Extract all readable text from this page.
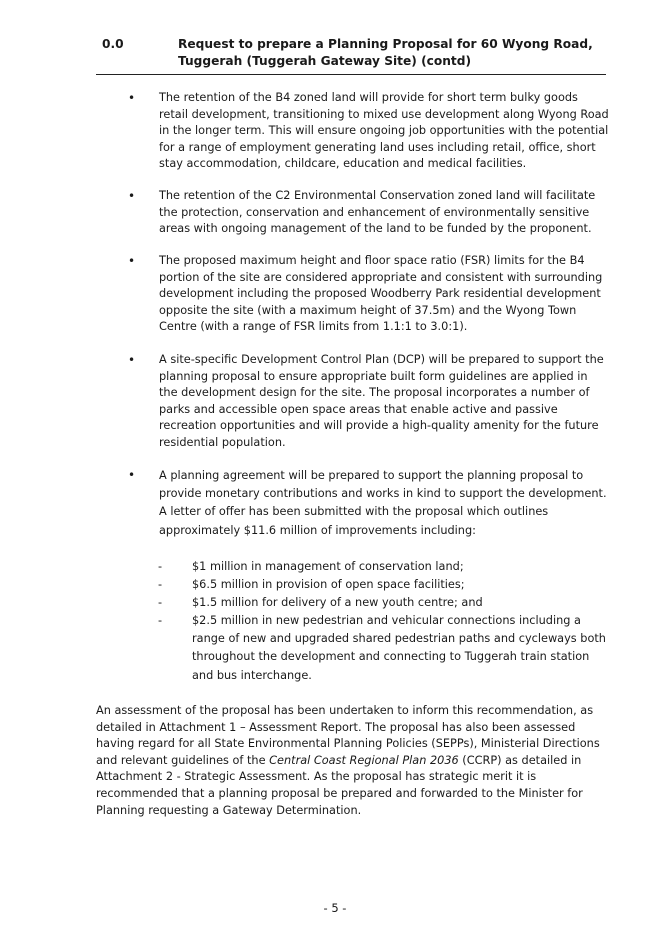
0.0	Request to prepare a Planning Proposal for 60 Wyong Road, Tuggerah (Tuggerah Gateway Site) (contd)
• The retention of the B4 zoned land will provide for short term bulky goods retail development, transitioning to mixed use development along Wyong Road in the longer term. This will ensure ongoing job opportunities with the potential for a range of employment generating land uses including retail, office, short stay accommodation, childcare, education and medical facilities.
• The retention of the C2 Environmental Conservation zoned land will facilitate the protection, conservation and enhancement of environmentally sensitive areas with ongoing management of the land to be funded by the proponent.
• The proposed maximum height and floor space ratio (FSR) limits for the B4 portion of the site are considered appropriate and consistent with surrounding development including the proposed Woodberry Park residential development opposite the site (with a maximum height of 37.5m) and the Wyong Town Centre (with a range of FSR limits from 1.1:1 to 3.0:1).
• A site-specific Development Control Plan (DCP) will be prepared to support the planning proposal to ensure appropriate built form guidelines are applied in the development design for the site. The proposal incorporates a number of parks and accessible open space areas that enable active and passive recreation opportunities and will provide a high-quality amenity for the future residential population.
• A planning agreement will be prepared to support the planning proposal to provide monetary contributions and works in kind to support the development. A letter of offer has been submitted with the proposal which outlines approximately $11.6 million of improvements including:
-	$1 million in management of conservation land;
-	$6.5 million in provision of open space facilities;
-	$1.5 million for delivery of a new youth centre; and
-	$2.5 million in new pedestrian and vehicular connections including a range of new and upgraded shared pedestrian paths and cycleways both throughout the development and connecting to Tuggerah train station and bus interchange.
An assessment of the proposal has been undertaken to inform this recommendation, as detailed in Attachment 1 – Assessment Report. The proposal has also been assessed having regard for all State Environmental Planning Policies (SEPPs), Ministerial Directions and relevant guidelines of the Central Coast Regional Plan 2036 (CCRP) as detailed in Attachment 2 - Strategic Assessment. As the proposal has strategic merit it is recommended that a planning proposal be prepared and forwarded to the Minister for Planning requesting a Gateway Determination.
- 5 -
